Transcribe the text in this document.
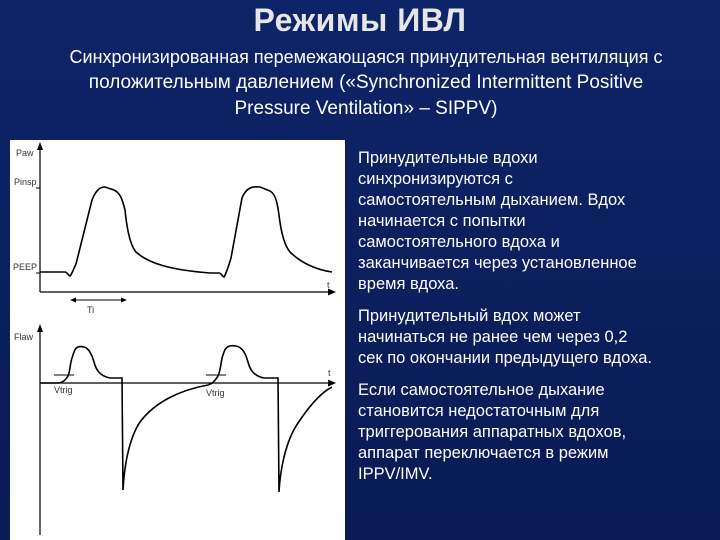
Режимы ИВЛ
Синхронизированная перемежающаяся принудительная вентиляция с
положительным давлением («Synchronized Intermittent Positive
Pressure Ventilation» – SIPPV)
Paw
Pinsp
PEEP
t
Ti
Flaw
t
Vtrig	Vtrig
Принудительные вдохи
синхронизируются с
самостоятельным дыханием. Вдох
начинается с попытки
самостоятельного вдоха и
заканчивается через установленное
время вдоха.
Принудительный вдох может
начинаться не ранее чем через 0,2
сек по окончании предыдущего вдоха.
Если самостоятельное дыхание
становится недостаточным для
триггерования аппаратных вдохов,
аппарат переключается в режим
IPPV/IMV.
